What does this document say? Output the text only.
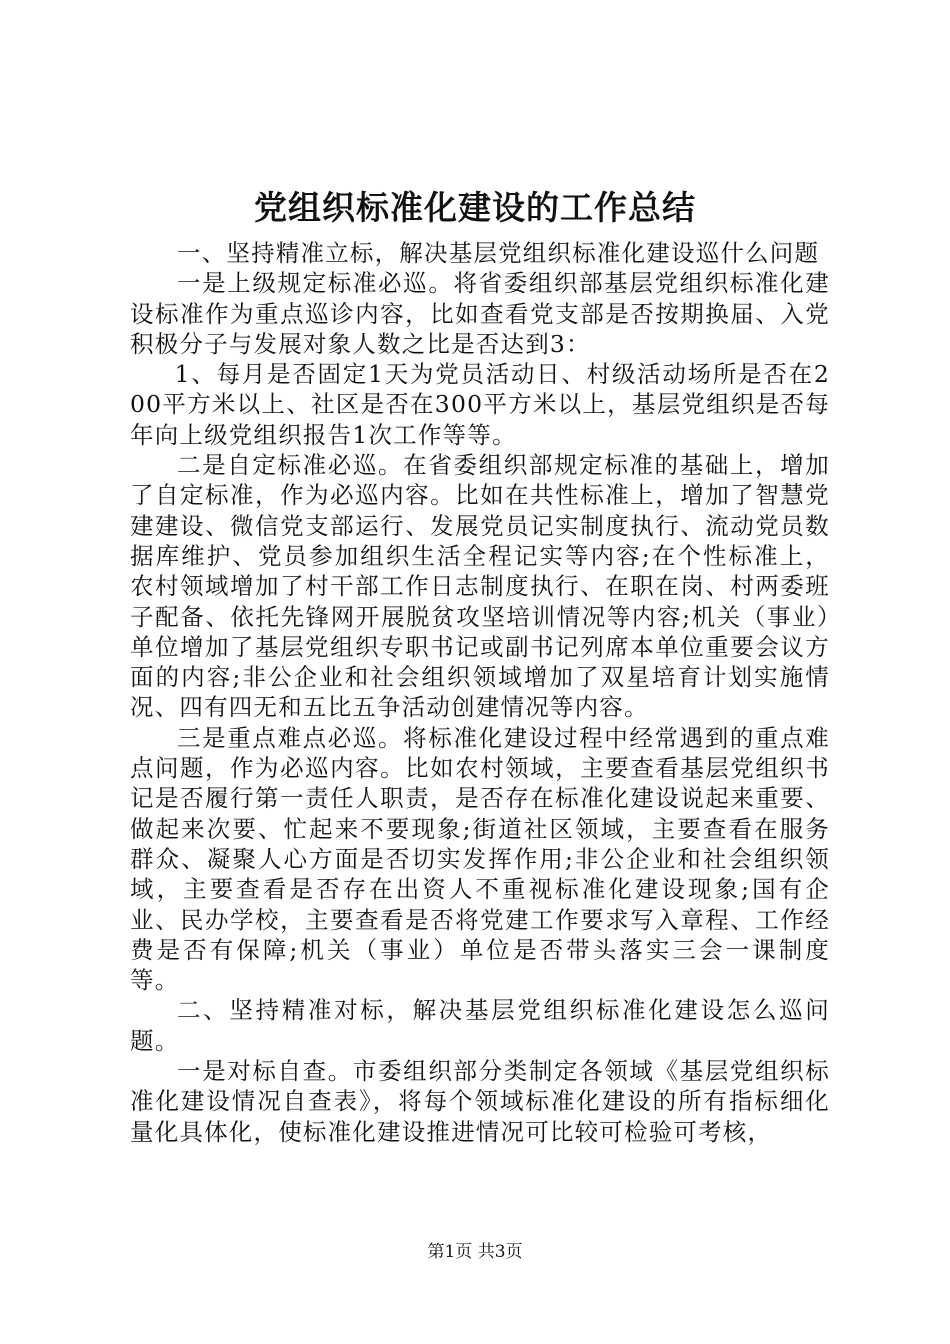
党组织标准化建设的工作总结

一、坚持精准立标，解决基层党组织标准化建设巡什么问题

一是上级规定标准必巡。将省委组织部基层党组织标准化建设标准作为重点巡诊内容，比如查看党支部是否按期换届、入党积极分子与发展对象人数之比是否达到3：

1、每月是否固定1天为党员活动日、村级活动场所是否在200平方米以上、社区是否在300平方米以上，基层党组织是否每年向上级党组织报告1次工作等等。

二是自定标准必巡。在省委组织部规定标准的基础上，增加了自定标准，作为必巡内容。比如在共性标准上，增加了智慧党建建设、微信党支部运行、发展党员记实制度执行、流动党员数据库维护、党员参加组织生活全程记实等内容;在个性标准上，农村领域增加了村干部工作日志制度执行、在职在岗、村两委班子配备、依托先锋网开展脱贫攻坚培训情况等内容;机关（事业）单位增加了基层党组织专职书记或副书记列席本单位重要会议方面的内容;非公企业和社会组织领域增加了双星培育计划实施情况、四有四无和五比五争活动创建情况等内容。

三是重点难点必巡。将标准化建设过程中经常遇到的重点难点问题，作为必巡内容。比如农村领域，主要查看基层党组织书记是否履行第一责任人职责，是否存在标准化建设说起来重要、做起来次要、忙起来不要现象;街道社区领域，主要查看在服务群众、凝聚人心方面是否切实发挥作用;非公企业和社会组织领域，主要查看是否存在出资人不重视标准化建设现象;国有企业、民办学校，主要查看是否将党建工作要求写入章程、工作经费是否有保障;机关（事业）单位是否带头落实三会一课制度等。

二、坚持精准对标，解决基层党组织标准化建设怎么巡问题。

一是对标自查。市委组织部分类制定各领域《基层党组织标准化建设情况自查表》，将每个领域标准化建设的所有指标细化量化具体化，使标准化建设推进情况可比较可检验可考核，

第1页 共3页
